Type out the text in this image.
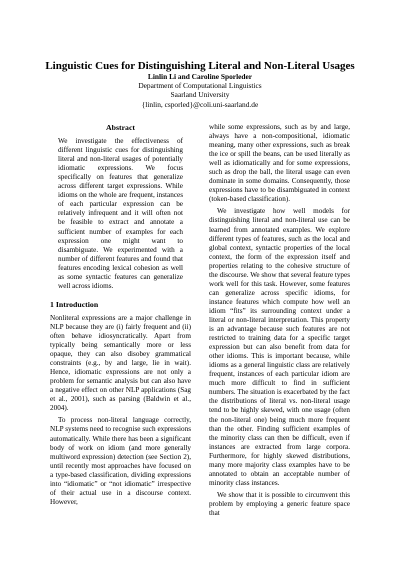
Linguistic Cues for Distinguishing Literal and Non-Literal Usages
Linlin Li and Caroline Sporleder
Department of Computational Linguistics
Saarland University
{linlin, csporled}@coli.uni-saarland.de
Abstract

We investigate the effectiveness of different linguistic cues for distinguishing literal and non-literal usages of potentially idiomatic expressions. We focus specifically on features that generalize across different target expressions. While idioms on the whole are frequent, instances of each particular expression can be relatively infrequent and it will often not be feasible to extract and annotate a sufficient number of examples for each expression one might want to disambiguate. We experimented with a number of different features and found that features encoding lexical cohesion as well as some syntactic features can generalize well across idioms.

1 Introduction

Nonliteral expressions are a major challenge in NLP because they are (i) fairly frequent and (ii) often behave idiosyncratically. Apart from typically being semantically more or less opaque, they can also disobey grammatical constraints (e.g., by and large, lie in wait). Hence, idiomatic expressions are not only a problem for semantic analysis but can also have a negative effect on other NLP applications (Sag et al., 2001), such as parsing (Baldwin et al., 2004).

To process non-literal language correctly, NLP systems need to recognise such expressions automatically. While there has been a significant body of work on idiom (and more generally multiword expression) detection (see Section 2), until recently most approaches have focused on a type-based classification, dividing expressions into “idiomatic” or “not idiomatic” irrespective of their actual use in a discourse context. However,

while some expressions, such as by and large, always have a non-compositional, idiomatic meaning, many other expressions, such as break the ice or spill the beans, can be used literally as well as idiomatically and for some expressions, such as drop the ball, the literal usage can even dominate in some domains. Consequently, those expressions have to be disambiguated in context (token-based classification).

We investigate how well models for distinguishing literal and non-literal use can be learned from annotated examples. We explore different types of features, such as the local and global context, syntactic properties of the local context, the form of the expression itself and properties relating to the cohesive structure of the discourse. We show that several feature types work well for this task. However, some features can generalize across specific idioms, for instance features which compute how well an idiom “fits” its surrounding context under a literal or non-literal interpretation. This property is an advantage because such features are not restricted to training data for a specific target expression but can also benefit from data for other idioms. This is important because, while idioms as a general linguistic class are relatively frequent, instances of each particular idiom are much more difficult to find in sufficient numbers. The situation is exacerbated by the fact the distributions of literal vs. non-literal usage tend to be highly skewed, with one usage (often the non-literal one) being much more frequent than the other. Finding sufficient examples of the minority class can then be difficult, even if instances are extracted from large corpora. Furthermore, for highly skewed distributions, many more majority class examples have to be annotated to obtain an acceptable number of minority class instances.

We show that it is possible to circumvent this problem by employing a generic feature space that
